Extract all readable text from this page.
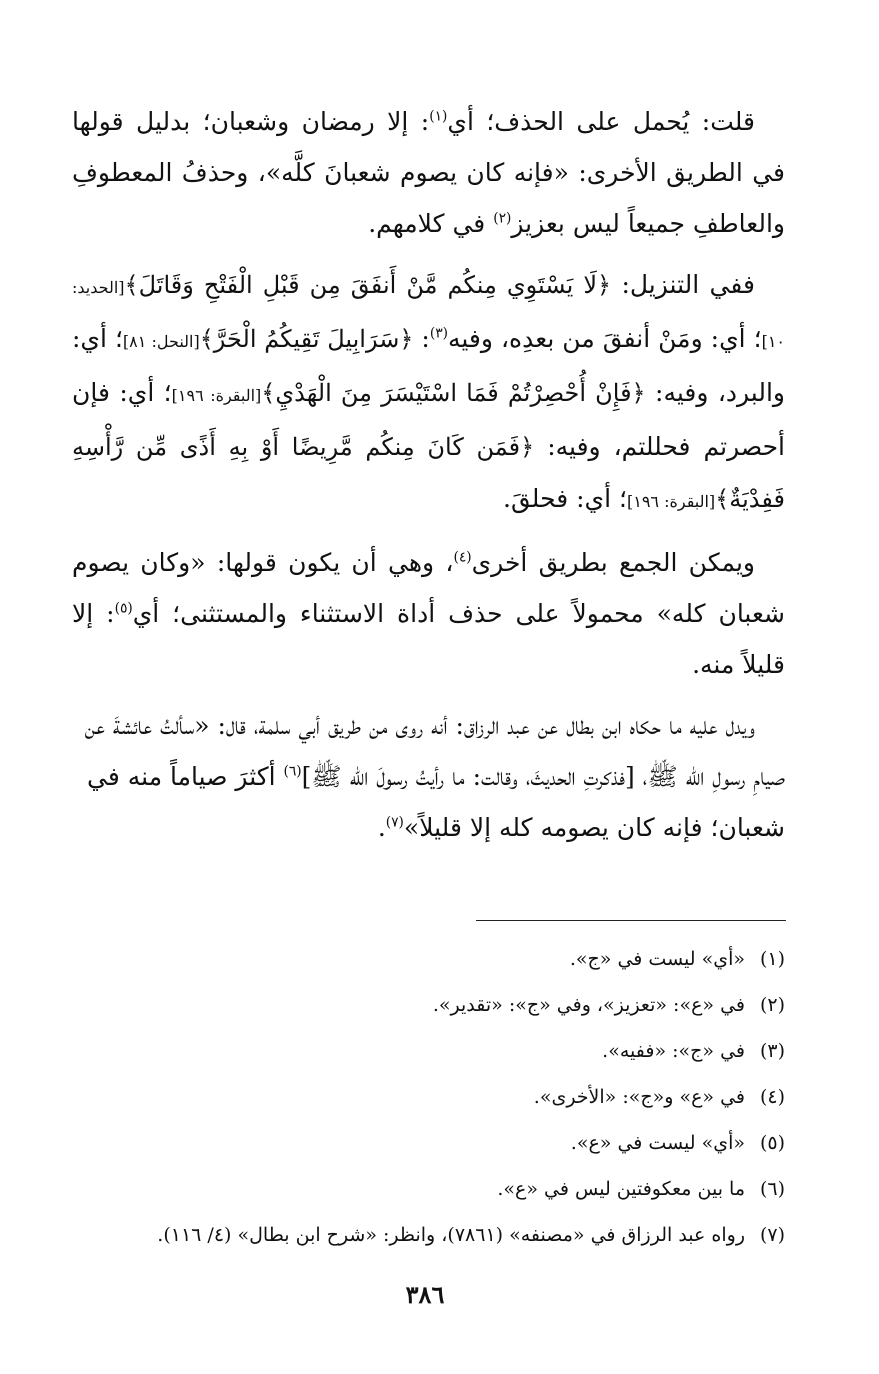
قلت: يُحمل على الحذف؛ أي$^{(١)}$: إلا رمضان وشعبان؛ بدليل قولها في الطريق الأخرى: «فإنه كان يصوم شعبانَ كلَّه»، وحذفُ المعطوفِ والعاطفِ جميعاً ليس بعزيز$^{(٢)}$ في كلامهم.

ففي التنزيل: ﴿لَا يَسْتَوِي مِنكُم مَّنْ أَنفَقَ مِن قَبْلِ الْفَتْحِ وَقَاتَلَ﴾[الحديد: ١٠]؛ أي: ومَنْ أنفقَ من بعدِه، وفيه$^{(٣)}$: ﴿سَرَابِيلَ تَقِيكُمُ الْحَرَّ﴾[النحل: ٨١]؛ أي: والبرد، وفيه: ﴿فَإِنْ أُحْصِرْتُمْ فَمَا اسْتَيْسَرَ مِنَ الْهَدْيِ﴾[البقرة: ١٩٦]؛ أي: فإن أحصرتم فحللتم، وفيه: ﴿فَمَن كَانَ مِنكُم مَّرِيضًا أَوْ بِهِ أَذًى مِّن رَّأْسِهِ فَفِدْيَةٌ﴾[البقرة: ١٩٦]؛ أي: فحلقَ.

ويمكن الجمع بطريق أخرى$^{(٤)}$، وهي أن يكون قولها: «وكان يصوم شعبان كله» محمولاً على حذف أداة الاستثناء والمستثنى؛ أي$^{(٥)}$: إلا قليلاً منه.

ويدل عليه ما حكاه ابن بطال عن عبد الرزاق: أنه روى من طريق أبي سلمة، قال: «سألتُ عائشةَ عن صيامِ رسولِ الله ﷺ، [فذكرتِ الحديثَ، وقالت: ما رأيتُ رسولَ الله ﷺ]$^{(٦)}$ أكثرَ صياماً منه في شعبان؛ فإنه كان يصومه كله إلا قليلاً»$^{(٧)}$.

(١)«أي» ليست في «ج».
(٢)في «ع»: «تعزيز»، وفي «ج»: «تقدير».
(٣)في «ج»: «ففيه».
(٤)في «ع» و«ج»: «الأخرى».
(٥)«أي» ليست في «ع».
(٦)ما بين معكوفتين ليس في «ع».
(٧)رواه عبد الرزاق في «مصنفه» (٧٨٦١)، وانظر: «شرح ابن بطال» (٤/ ١١٦).
٣٨٦
